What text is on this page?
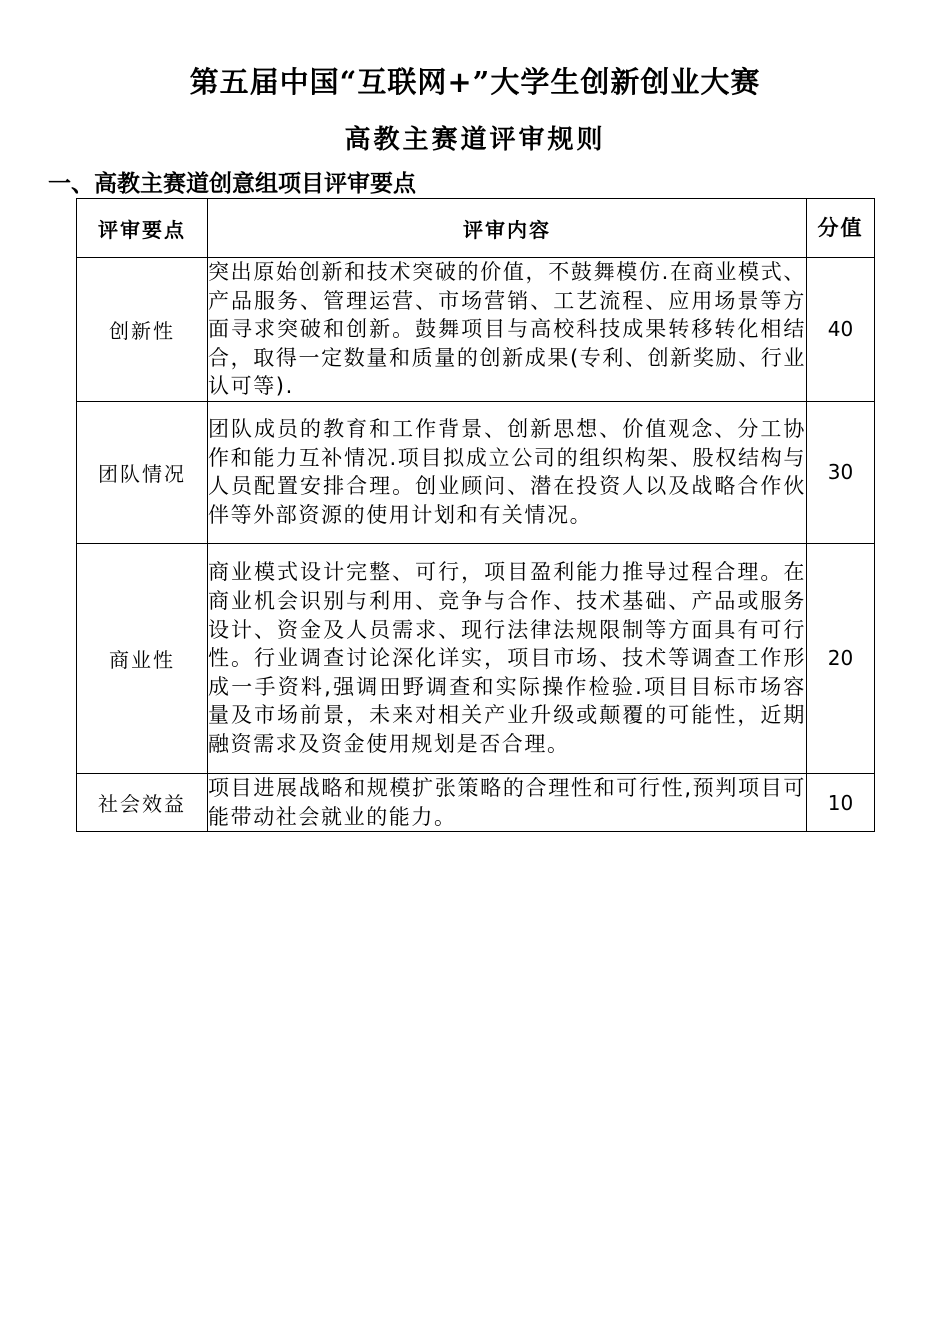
第五届中国“互联网+”大学生创新创业大赛
高教主赛道评审规则
一、高教主赛道创意组项目评审要点
评审要点	评审内容	分值
创新性	突出原始创新和技术突破的价值，不鼓舞模仿.在商业模式、产品服务、管理运营、市场营销、工艺流程、应用场景等方面寻求突破和创新。鼓舞项目与高校科技成果转移转化相结合，取得一定数量和质量的创新成果(专利、创新奖励、行业认可等).	40
团队情况	团队成员的教育和工作背景、创新思想、价值观念、分工协作和能力互补情况.项目拟成立公司的组织构架、股权结构与人员配置安排合理。创业顾问、潜在投资人以及战略合作伙伴等外部资源的使用计划和有关情况。	30
商业性	商业模式设计完整、可行，项目盈利能力推导过程合理。在商业机会识别与利用、竞争与合作、技术基础、产品或服务设计、资金及人员需求、现行法律法规限制等方面具有可行性。行业调查讨论深化详实，项目市场、技术等调查工作形成一手资料,强调田野调查和实际操作检验.项目目标市场容量及市场前景，未来对相关产业升级或颠覆的可能性，近期融资需求及资金使用规划是否合理。	20
社会效益	项目进展战略和规模扩张策略的合理性和可行性,预判项目可能带动社会就业的能力。	10
